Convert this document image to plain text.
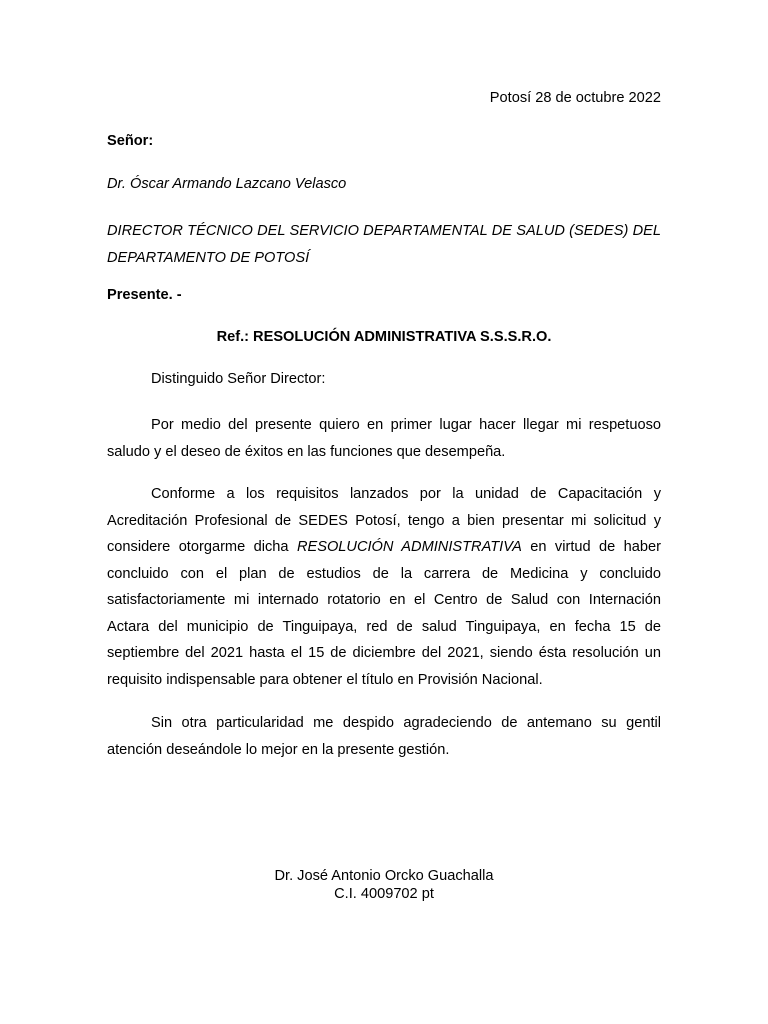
Potosí 28 de octubre 2022

Señor:

Dr. Óscar Armando Lazcano Velasco

DIRECTOR TÉCNICO DEL SERVICIO DEPARTAMENTAL DE SALUD (SEDES) DEL DEPARTAMENTO DE POTOSÍ

Presente. -

Ref.: RESOLUCIÓN ADMINISTRATIVA S.S.S.R.O.

Distinguido Señor Director:

Por medio del presente quiero en primer lugar hacer llegar mi respetuoso saludo y el deseo de éxitos en las funciones que desempeña.

Conforme a los requisitos lanzados por la unidad de Capacitación y Acreditación Profesional de SEDES Potosí, tengo a bien presentar mi solicitud y considere otorgarme dicha RESOLUCIÓN ADMINISTRATIVA en virtud de haber concluido con el plan de estudios de la carrera de Medicina y concluido satisfactoriamente mi internado rotatorio en el Centro de Salud con Internación Actara del municipio de Tinguipaya, red de salud Tinguipaya, en fecha 15 de septiembre del 2021 hasta el 15 de diciembre del 2021, siendo ésta resolución un requisito indispensable para obtener el título en Provisión Nacional.

Sin otra particularidad me despido agradeciendo de antemano su gentil atención deseándole lo mejor en la presente gestión.

Dr. José Antonio Orcko Guachalla

C.I. 4009702 pt
